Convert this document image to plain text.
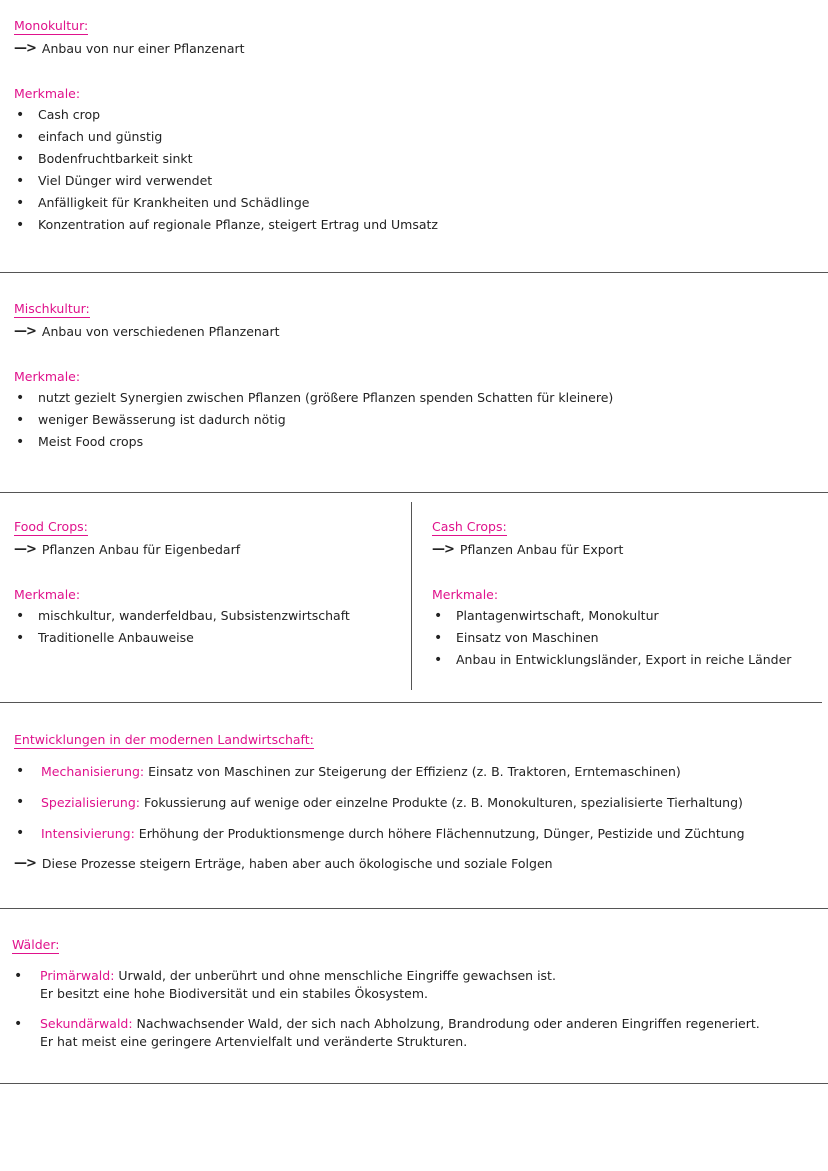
Monokultur:
—> Anbau von nur einer Pflanzenart
Merkmale:
• Cash crop
• einfach und günstig
• Bodenfruchtbarkeit sinkt
• Viel Dünger wird verwendet
• Anfälligkeit für Krankheiten und Schädlinge
• Konzentration auf regionale Pflanze, steigert Ertrag und Umsatz
Mischkultur:
—> Anbau von verschiedenen Pflanzenart
Merkmale:
• nutzt gezielt Synergien zwischen Pflanzen (größere Pflanzen spenden Schatten für kleinere)
• weniger Bewässerung ist dadurch nötig
• Meist Food crops
Food Crops:
—> Pflanzen Anbau für Eigenbedarf
Merkmale:
• mischkultur, wanderfeldbau, Subsistenzwirtschaft
• Traditionelle Anbauweise
Cash Crops:
—> Pflanzen Anbau für Export
Merkmale:
• Plantagenwirtschaft, Monokultur
• Einsatz von Maschinen
• Anbau in Entwicklungsländer, Export in reiche Länder
Entwicklungen in der modernen Landwirtschaft:
• Mechanisierung: Einsatz von Maschinen zur Steigerung der Effizienz (z. B. Traktoren, Erntemaschinen)
• Spezialisierung: Fokussierung auf wenige oder einzelne Produkte (z. B. Monokulturen, spezialisierte Tierhaltung)
• Intensivierung: Erhöhung der Produktionsmenge durch höhere Flächennutzung, Dünger, Pestizide und Züchtung
—> Diese Prozesse steigern Erträge, haben aber auch ökologische und soziale Folgen
Wälder:
• Primärwald: Urwald, der unberührt und ohne menschliche Eingriffe gewachsen ist.
Er besitzt eine hohe Biodiversität und ein stabiles Ökosystem.
• Sekundärwald: Nachwachsender Wald, der sich nach Abholzung, Brandrodung oder anderen Eingriffen regeneriert.
Er hat meist eine geringere Artenvielfalt und veränderte Strukturen.
